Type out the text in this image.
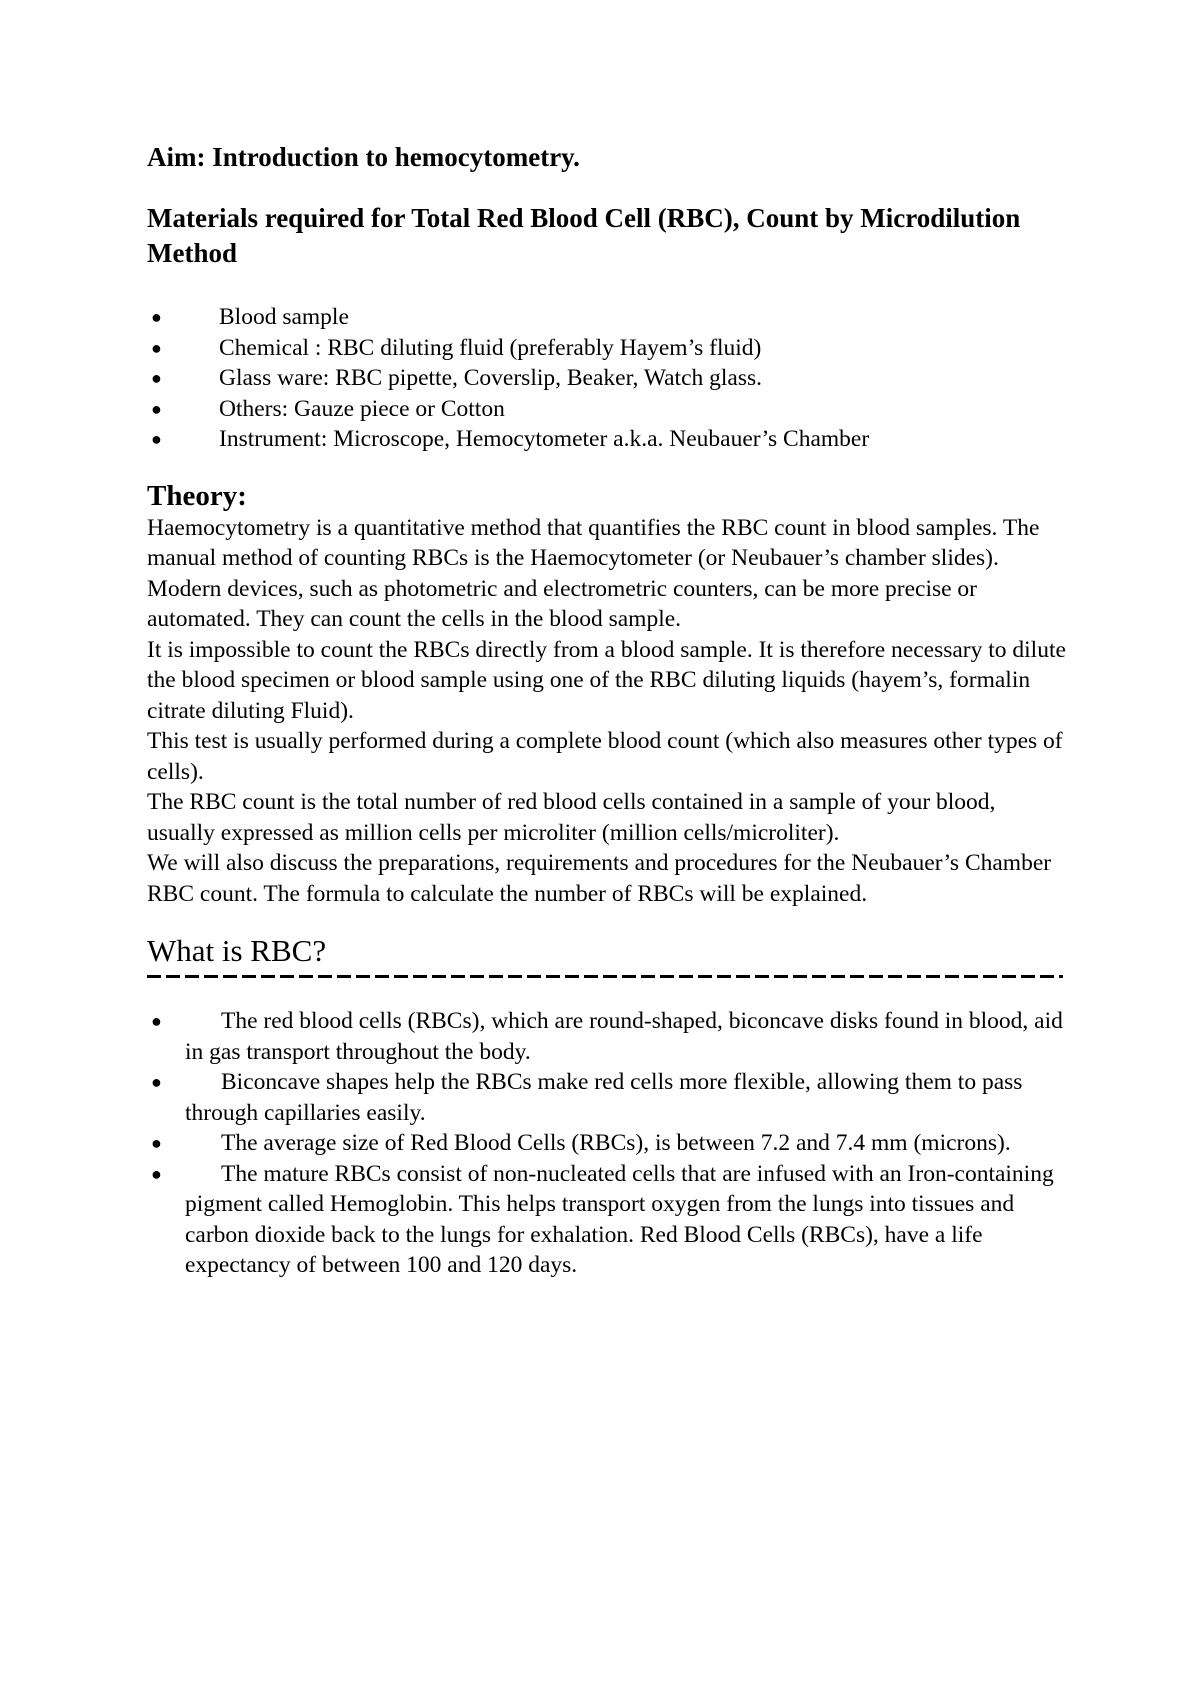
Aim: Introduction to hemocytometry.
Materials required for Total Red Blood Cell (RBC), Count by Microdilution Method
● Blood sample
● Chemical : RBC diluting fluid (preferably Hayem’s fluid)
● Glass ware: RBC pipette, Coverslip, Beaker, Watch glass.
● Others: Gauze piece or Cotton
● Instrument: Microscope, Hemocytometer a.k.a. Neubauer’s Chamber
Theory:

Haemocytometry is a quantitative method that quantifies the RBC count in blood samples. The manual method of counting RBCs is the Haemocytometer (or Neubauer’s chamber slides).

Modern devices, such as photometric and electrometric counters, can be more precise or automated. They can count the cells in the blood sample.

It is impossible to count the RBCs directly from a blood sample. It is therefore necessary to dilute the blood specimen or blood sample using one of the RBC diluting liquids (hayem’s, formalin citrate diluting Fluid).

This test is usually performed during a complete blood count (which also measures other types of cells).

The RBC count is the total number of red blood cells contained in a sample of your blood, usually expressed as million cells per microliter (million cells/microliter).

We will also discuss the preparations, requirements and procedures for the Neubauer’s Chamber RBC count. The formula to calculate the number of RBCs will be explained.

What is RBC?
●	The red blood cells (RBCs), which are round-shaped, biconcave disks found in blood, aid in gas transport throughout the body.
●	Biconcave shapes help the RBCs make red cells more flexible, allowing them to pass through capillaries easily.
●	The average size of Red Blood Cells (RBCs), is between 7.2 and 7.4 mm (microns).
●	The mature RBCs consist of non-nucleated cells that are infused with an Iron-containing pigment called Hemoglobin. This helps transport oxygen from the lungs into tissues and carbon dioxide back to the lungs for exhalation. Red Blood Cells (RBCs), have a life expectancy of between 100 and 120 days.
